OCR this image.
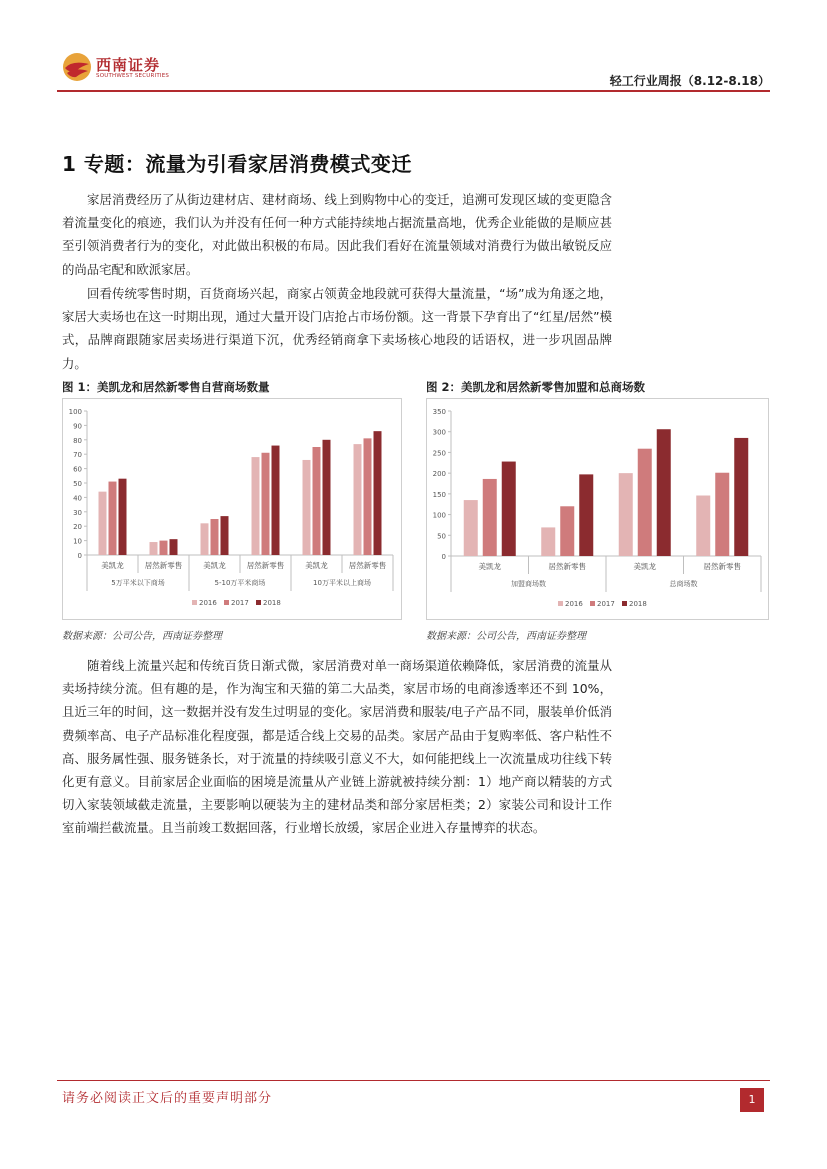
西南证券
SOUTHWEST SECURITIES	轻工行业周报（8.12-8.18）
1 专题：流量为引看家居消费模式变迁

家居消费经历了从街边建材店、建材商场、线上到购物中心的变迁，追溯可发现区域的变更隐含着流量变化的痕迹，我们认为并没有任何一种方式能持续地占据流量高地，优秀企业能做的是顺应甚至引领消费者行为的变化，对此做出积极的布局。因此我们看好在流量领域对消费行为做出敏锐反应的尚品宅配和欧派家居。

回看传统零售时期，百货商场兴起，商家占领黄金地段就可获得大量流量，“场”成为角逐之地，家居大卖场也在这一时期出现，通过大量开设门店抢占市场份额。这一背景下孕育出了“红星/居然”模式，品牌商跟随家居卖场进行渠道下沉，优秀经销商拿下卖场核心地段的话语权，进一步巩固品牌力。

图 1：美凯龙和居然新零售自营商场数量
100
90
80
70
60
50
40
30
20
10
0
美凯龙	居然新零售	美凯龙	居然新零售	美凯龙	居然新零售
5万平米以下商场	5-10万平米商场	10万平米以上商场
2016 2017 2018
数据来源：公司公告，西南证券整理
图 2：美凯龙和居然新零售加盟和总商场数
350
300
250
200
150
100
50
0
美凯龙	居然新零售	美凯龙	居然新零售
加盟商场数	总商场数
2016 2017 2018
数据来源：公司公告，西南证券整理

随着线上流量兴起和传统百货日渐式微，家居消费对单一商场渠道依赖降低，家居消费的流量从卖场持续分流。但有趣的是，作为淘宝和天猫的第二大品类，家居市场的电商渗透率还不到 10%，且近三年的时间，这一数据并没有发生过明显的变化。家居消费和服装/电子产品不同，服装单价低消费频率高、电子产品标准化程度强，都是适合线上交易的品类。家居产品由于复购率低、客户粘性不高、服务属性强、服务链条长，对于流量的持续吸引意义不大，如何能把线上一次流量成功往线下转化更有意义。目前家居企业面临的困境是流量从产业链上游就被持续分割：1）地产商以精装的方式切入家装领域截走流量，主要影响以硬装为主的建材品类和部分家居柜类；2）家装公司和设计工作室前端拦截流量。且当前竣工数据回落，行业增长放缓，家居企业进入存量博弈的状态。

请务必阅读正文后的重要声明部分	1
